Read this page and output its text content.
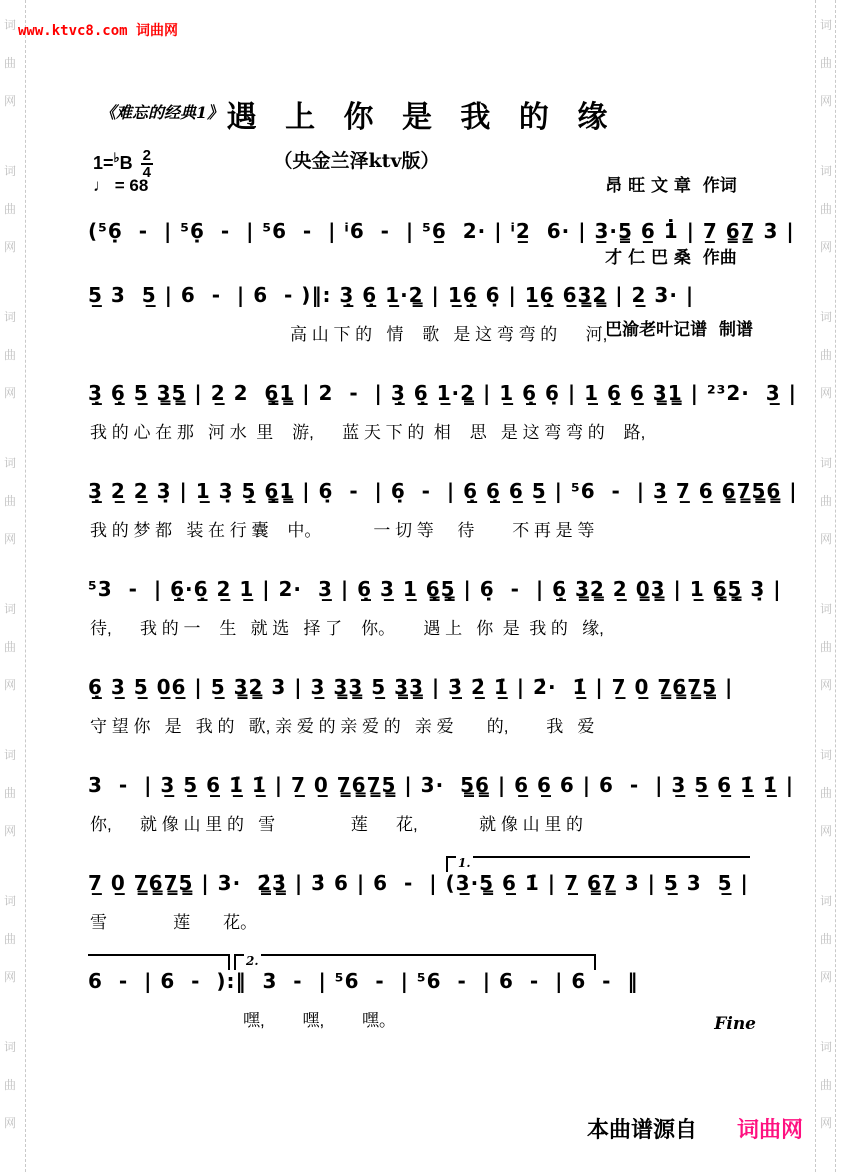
词
曲
网
词
曲
网
词
曲
网
词
曲
网
词
曲
网
词
曲
网
词
曲
网
词
曲
网
词
曲
网
词
曲
网
词
曲
网
词
曲
网
词
曲
网
词
曲
网
词
曲
网
词
曲
网
www.ktvc8.com 词曲网
《难忘的经典1》 遇 上 你 是 我 的 缘
（央金兰泽ktv版）

昂 旺 文 章  作词

才 仁 巴 桑  作曲

巴渝老叶记谱  制谱

$1=^♭B \frac{2}{4}$
♩ = 68
(⁵6̣  -  | ⁵6̣  -  | ⁵6  -  | ⁱ6  -  | ⁵6̲  2· | ⁱ2̲  6· | 3̲·5̳ 6̲ 1̇ | 7̲ 6̳7̳ 3 |
5̲ 3  5̲ | 6  -  | 6  - )‖: 3̲̣ 6̲̣ 1̲·2̳ | 1̲6̲̣ 6̣ | 1̲6̲̣ 6̲3̳2̳ | 2̲ 3· |
高 山 下 的   情    歌   是 这 弯 弯 的      河,
3̲̣ 6̲̣ 5̲ 3̳5̳ | 2̲ 2  6̳̣1̳ | 2  -  | 3̲̣ 6̲̣ 1̲·2̳ | 1̲ 6̲̣ 6̣ | 1̲ 6̲̣ 6̲ 3̳1̳ | ²³2·  3̲ |
我 的 心 在 那   河 水  里    游,      蓝 天 下 的  相    思   是 这 弯 弯 的    路,
3̲̣ 2̲ 2̲ 3̣ | 1̲ 3̣ 5̲̣ 6̳̣1̳ | 6̣  -  | 6̣  -  | 6̲̣ 6̲̣ 6̲ 5̲ | ⁵6  -  | 3̲ 7̲ 6̲ 6̳7̳5̳6̳ |
我 的 梦 都   装 在 行 囊    中。           一 切 等     待        不 再 是 等
⁵3  -  | 6̲̣·6̲̣ 2̲ 1̲ | 2·  3̲ | 6̲̣ 3̲ 1̲ 6̳̣5̳̣ | 6̣  -  | 6̲̣ 3̳2̳ 2̲ 0̳3̳ | 1̲ 6̳̣5̳̣ 3̣ |
待,      我 的 一    生   就 选   择 了    你。      遇 上   你  是  我 的   缘,
6̲̣ 3̲ 5̲ 0̲6̲ | 5̲ 3̳2̳ 3 | 3̲ 3̳3̳ 5̲ 3̳3̳ | 3̲̇ 2̲̇ 1̲̇ | 2̇·  1̲̇ | 7̲ 0̲ 7̳6̳7̳5̳ |
守 望 你   是   我 的   歌, 亲 爱 的 亲 爱 的   亲 爱       的,        我   爱
3  -  | 3̲ 5̲ 6̲ 1̲̇ 1̲̇ | 7̲ 0̲ 7̳6̳7̳5̳ | 3·  5̳6̳ | 6̲ 6̲ 6 | 6  -  | 3̲ 5̲ 6̲ 1̲̇ 1̲̇ |
你,      就 像 山 里 的   雪                莲      花,             就 像 山 里 的
1.
7̲ 0̲ 7̳6̳7̳5̳ | 3·  2̳̇3̳̇ | 3̇ 6 | 6  -  | (3̲·5̳ 6̲ 1̇ | 7̲ 6̳7̳ 3 | 5̲ 3  5̲ |
雪              莲       花。
2.
6  -  | 6  -  ):‖  3  -  | ⁵6  -  | ⁵6  -  | 6  -  | 6  -  ‖
嘿,        嘿,        嘿。	Fine
本曲谱源自 词曲网
